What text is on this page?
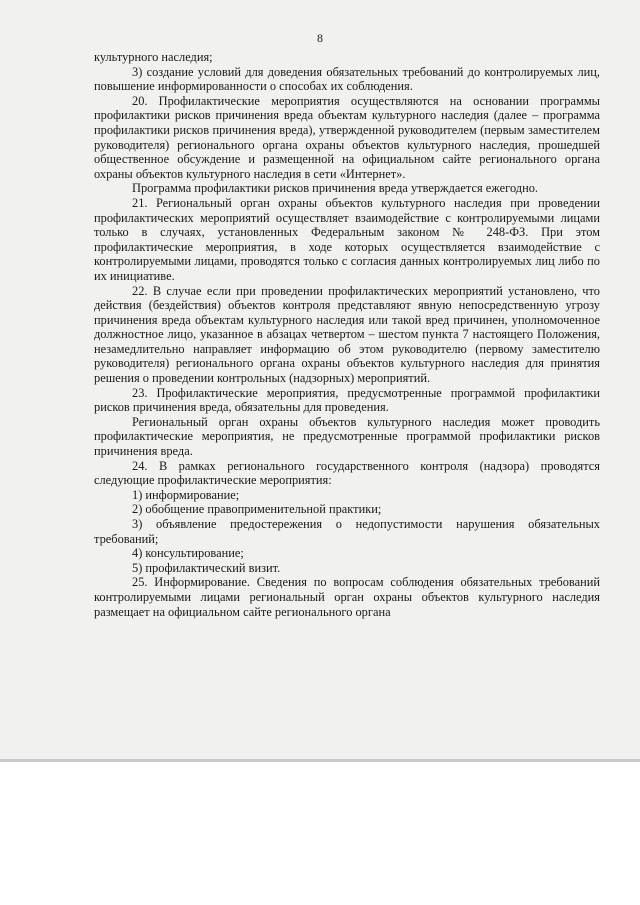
8

культурного наследия;

3) создание условий для доведения обязательных требований до контролируемых лиц, повышение информированности о способах их соблюдения.

20. Профилактические мероприятия осуществляются на основании программы профилактики рисков причинения вреда объектам культурного наследия (далее – программа профилактики рисков причинения вреда), утвержденной руководителем (первым заместителем руководителя) регионального органа охраны объектов культурного наследия, прошедшей общественное обсуждение и размещенной на официальном сайте регионального органа охраны объектов культурного наследия в сети «Интернет».

Программа профилактики рисков причинения вреда утверждается ежегодно.

21. Региональный орган охраны объектов культурного наследия при проведении профилактических мероприятий осуществляет взаимодействие с контролируемыми лицами только в случаях, установленных Федеральным законом № 248-ФЗ. При этом профилактические мероприятия, в ходе которых осуществляется взаимодействие с контролируемыми лицами, проводятся только с согласия данных контролируемых лиц либо по их инициативе.

22. В случае если при проведении профилактических мероприятий установлено, что действия (бездействия) объектов контроля представляют явную непосредственную угрозу причинения вреда объектам культурного наследия или такой вред причинен, уполномоченное должностное лицо, указанное в абзацах четвертом – шестом пункта 7 настоящего Положения, незамедлительно направляет информацию об этом руководителю (первому заместителю руководителя) регионального органа охраны объектов культурного наследия для принятия решения о проведении контрольных (надзорных) мероприятий.

23. Профилактические мероприятия, предусмотренные программой профилактики рисков причинения вреда, обязательны для проведения.

Региональный орган охраны объектов культурного наследия может проводить профилактические мероприятия, не предусмотренные программой профилактики рисков причинения вреда.

24. В рамках регионального государственного контроля (надзора) проводятся следующие профилактические мероприятия:

1) информирование;

2) обобщение правоприменительной практики;

3) объявление предостережения о недопустимости нарушения обязательных требований;

4) консультирование;

5) профилактический визит.

25. Информирование. Сведения по вопросам соблюдения обязательных требований контролируемыми лицами региональный орган охраны объектов культурного наследия размещает на официальном сайте регионального органа
